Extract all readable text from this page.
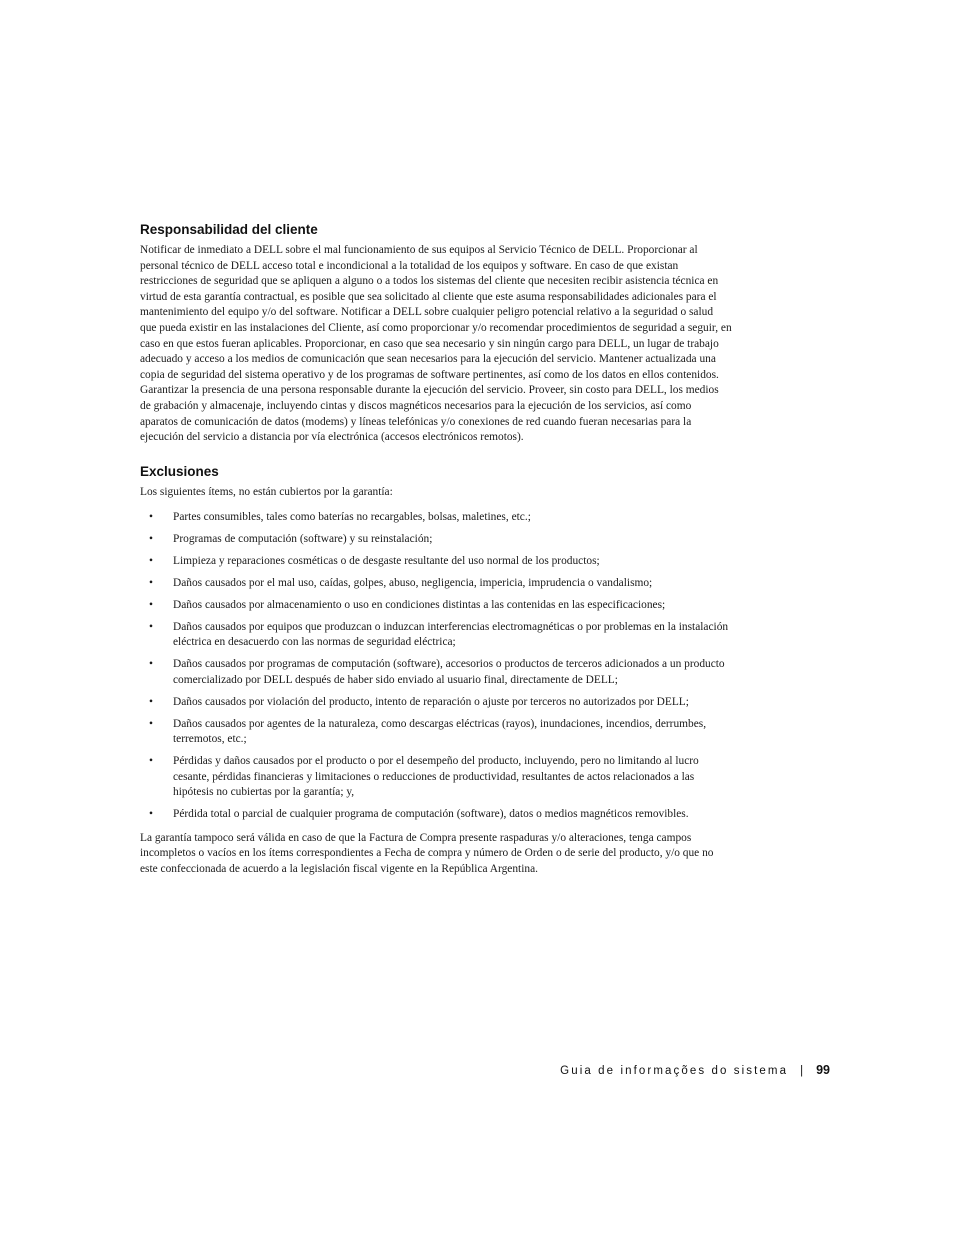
Responsabilidad del cliente

Notificar de inmediato a DELL sobre el mal funcionamiento de sus equipos al Servicio Técnico de DELL. Proporcionar al personal técnico de DELL acceso total e incondicional a la totalidad de los equipos y software. En caso de que existan restricciones de seguridad que se apliquen a alguno o a todos los sistemas del cliente que necesiten recibir asistencia técnica en virtud de esta garantía contractual, es posible que sea solicitado al cliente que este asuma responsabilidades adicionales para el mantenimiento del equipo y/o del software. Notificar a DELL sobre cualquier peligro potencial relativo a la seguridad o salud que pueda existir en las instalaciones del Cliente, así como proporcionar y/o recomendar procedimientos de seguridad a seguir, en caso en que estos fueran aplicables. Proporcionar, en caso que sea necesario y sin ningún cargo para DELL, un lugar de trabajo adecuado y acceso a los medios de comunicación que sean necesarios para la ejecución del servicio. Mantener actualizada una copia de seguridad del sistema operativo y de los programas de software pertinentes, así como de los datos en ellos contenidos. Garantizar la presencia de una persona responsable durante la ejecución del servicio. Proveer, sin costo para DELL, los medios de grabación y almacenaje, incluyendo cintas y discos magnéticos necesarios para la ejecución de los servicios, así como aparatos de comunicación de datos (modems) y líneas telefónicas y/o conexiones de red cuando fueran necesarias para la ejecución del servicio a distancia por vía electrónica (accesos electrónicos remotos).

Exclusiones

Los siguientes ítems, no están cubiertos por la garantía:

• Partes consumibles, tales como baterías no recargables, bolsas, maletines, etc.;
• Programas de computación (software) y su reinstalación;
• Limpieza y reparaciones cosméticas o de desgaste resultante del uso normal de los productos;
• Daños causados por el mal uso, caídas, golpes, abuso, negligencia, impericia, imprudencia o vandalismo;
• Daños causados por almacenamiento o uso en condiciones distintas a las contenidas en las especificaciones;
• Daños causados por equipos que produzcan o induzcan interferencias electromagnéticas o por problemas en la instalación eléctrica en desacuerdo con las normas de seguridad eléctrica;
• Daños causados por programas de computación (software), accesorios o productos de terceros adicionados a un producto comercializado por DELL después de haber sido enviado al usuario final, directamente de DELL;
• Daños causados por violación del producto, intento de reparación o ajuste por terceros no autorizados por DELL;
• Daños causados por agentes de la naturaleza, como descargas eléctricas (rayos), inundaciones, incendios, derrumbes, terremotos, etc.;
• Pérdidas y daños causados por el producto o por el desempeño del producto, incluyendo, pero no limitando al lucro cesante, pérdidas financieras y limitaciones o reducciones de productividad, resultantes de actos relacionados a las hipótesis no cubiertas por la garantía; y,
• Pérdida total o parcial de cualquier programa de computación (software), datos o medios magnéticos removibles.

La garantía tampoco será válida en caso de que la Factura de Compra presente raspaduras y/o alteraciones, tenga campos incompletos o vacíos en los ítems correspondientes a Fecha de compra y número de Orden o de serie del producto, y/o que no este confeccionada de acuerdo a la legislación fiscal vigente en la República Argentina.

Guia de informações do sistema | 99
